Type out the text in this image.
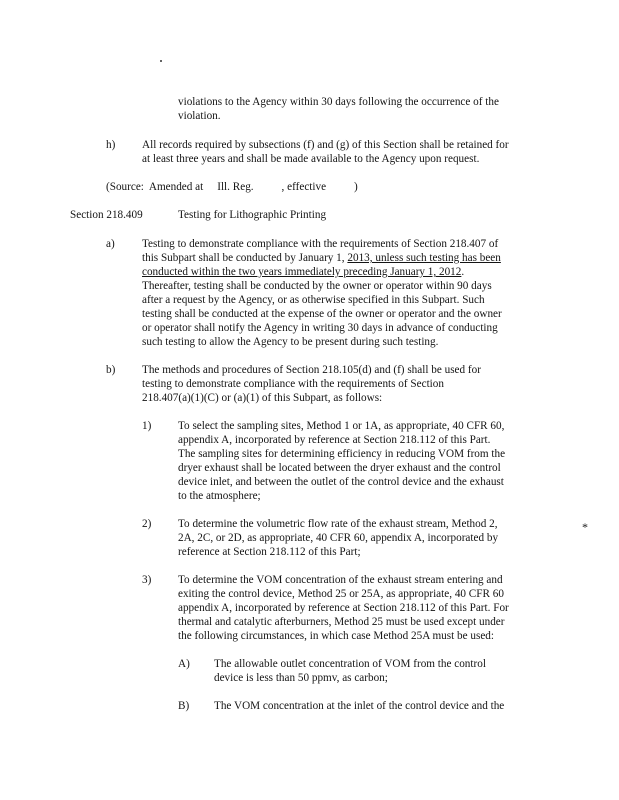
violations to the Agency within 30 days following the occurrence of the
violation.
h) All records required by subsections (f) and (g) of this Section shall be retained for
at least three years and shall be made available to the Agency upon request.
(Source:  Amended at     Ill. Reg.          , effective          )
Section 218.409	Testing for Lithographic Printing
a) Testing to demonstrate compliance with the requirements of Section 218.407 of
this Subpart shall be conducted by January 1, 2013, unless such testing has been
conducted within the two years immediately preceding January 1, 2012.
Thereafter, testing shall be conducted by the owner or operator within 90 days
after a request by the Agency, or as otherwise specified in this Subpart. Such
testing shall be conducted at the expense of the owner or operator and the owner
or operator shall notify the Agency in writing 30 days in advance of conducting
such testing to allow the Agency to be present during such testing.
b) The methods and procedures of Section 218.105(d) and (f) shall be used for
testing to demonstrate compliance with the requirements of Section
218.407(a)(1)(C) or (a)(1) of this Subpart, as follows:
1) To select the sampling sites, Method 1 or 1A, as appropriate, 40 CFR 60,
appendix A, incorporated by reference at Section 218.112 of this Part.
The sampling sites for determining efficiency in reducing VOM from the
dryer exhaust shall be located between the dryer exhaust and the control
device inlet, and between the outlet of the control device and the exhaust
to the atmosphere;
2) To determine the volumetric flow rate of the exhaust stream, Method 2,
2A, 2C, or 2D, as appropriate, 40 CFR 60, appendix A, incorporated by
reference at Section 218.112 of this Part;
*
3) To determine the VOM concentration of the exhaust stream entering and
exiting the control device, Method 25 or 25A, as appropriate, 40 CFR 60
appendix A, incorporated by reference at Section 218.112 of this Part. For
thermal and catalytic afterburners, Method 25 must be used except under
the following circumstances, in which case Method 25A must be used:
A) The allowable outlet concentration of VOM from the control
device is less than 50 ppmv, as carbon;
B) The VOM concentration at the inlet of the control device and the
